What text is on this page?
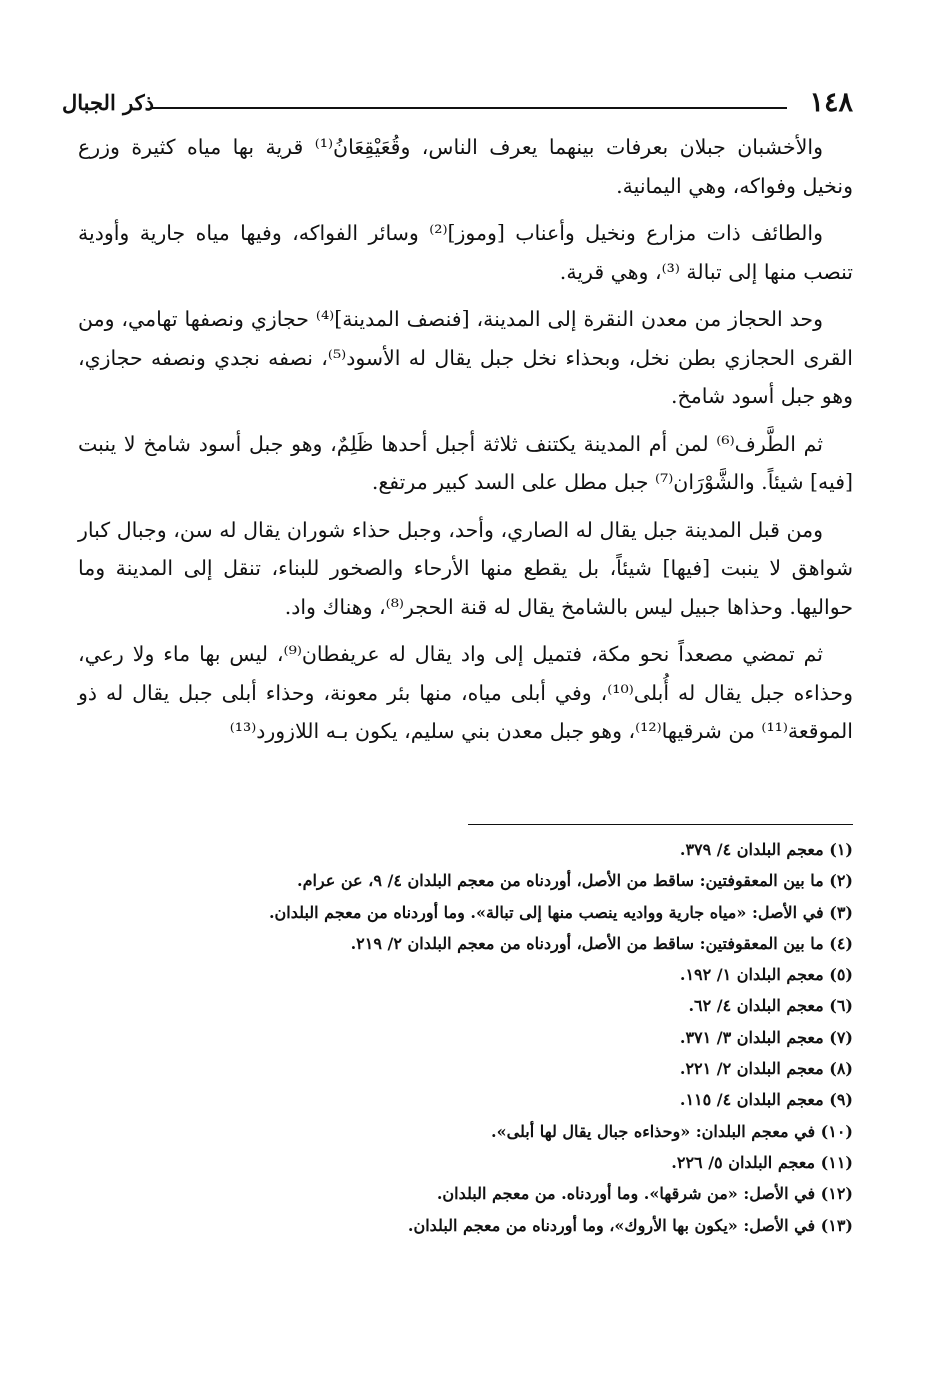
١٤٨
ذكر الجبال

والأخشبان جبلان بعرفات بينهما يعرف الناس، وقُعَيْقِعَانُ⁽¹⁾ قرية بها مياه كثيرة وزرع ونخيل وفواكه، وهي اليمانية.

والطائف ذات مزارع ونخيل وأعناب [وموز]⁽²⁾ وسائر الفواكه، وفيها مياه جارية وأودية تنصب منها إلى تبالة ⁽³⁾، وهي قرية.

وحد الحجاز من معدن النقرة إلى المدينة، [فنصف المدينة]⁽⁴⁾ حجازي ونصفها تهامي، ومن القرى الحجازي بطن نخل، وبحذاء نخل جبل يقال له الأسود⁽⁵⁾، نصفه نجدي ونصفه حجازي، وهو جبل أسود شامخ.

ثم الطَّرف⁽⁶⁾ لمن أم المدينة يكتنف ثلاثة أجبل أحدها ظَلِمٌ، وهو جبل أسود شامخ لا ينبت [فيه] شيئاً. والشَّوْرَان⁽⁷⁾ جبل مطل على السد كبير مرتفع.

ومن قبل المدينة جبل يقال له الصاري، وأحد، وجبل حذاء شوران يقال له سن، وجبال كبار شواهق لا ينبت [فيها] شيئاً، بل يقطع منها الأرحاء والصخور للبناء، تنقل إلى المدينة وما حواليها. وحذاها جبيل ليس بالشامخ يقال له قنة الحجر⁽⁸⁾، وهناك واد.

ثم تمضي مصعداً نحو مكة، فتميل إلى واد يقال له عريفطان⁽⁹⁾، ليس بها ماء ولا رعي، وحذاءه جبل يقال له أُبلى⁽¹⁰⁾، وفي أبلى مياه، منها بئر معونة، وحذاء أبلى جبل يقال له ذو الموقعة⁽¹¹⁾ من شرقيها⁽¹²⁾، وهو جبل معدن بني سليم، يكون بـه اللازورد⁽¹³⁾

(١) معجم البلدان ٤/ ٣٧٩.

(٢) ما بين المعقوفتين: ساقط من الأصل، أوردناه من معجم البلدان ٤/ ٩، عن عرام.

(٣) في الأصل: «مياه جارية وواديه ينصب منها إلى تبالة». وما أوردناه من معجم البلدان.

(٤) ما بين المعقوفتين: ساقط من الأصل، أوردناه من معجم البلدان ٢/ ٢١٩.

(٥) معجم البلدان ١/ ١٩٢.

(٦) معجم البلدان ٤/ ٦٢.

(٧) معجم البلدان ٣/ ٣٧١.

(٨) معجم البلدان ٢/ ٢٢١.

(٩) معجم البلدان ٤/ ١١٥.

(١٠) في معجم البلدان: «وحذاءه جبال يقال لها أبلى».

(١١) معجم البلدان ٥/ ٢٢٦.

(١٢) في الأصل: «من شرقها». وما أوردناه. من معجم البلدان.

(١٣) في الأصل: «يكون بها الأروك»، وما أوردناه من معجم البلدان.
